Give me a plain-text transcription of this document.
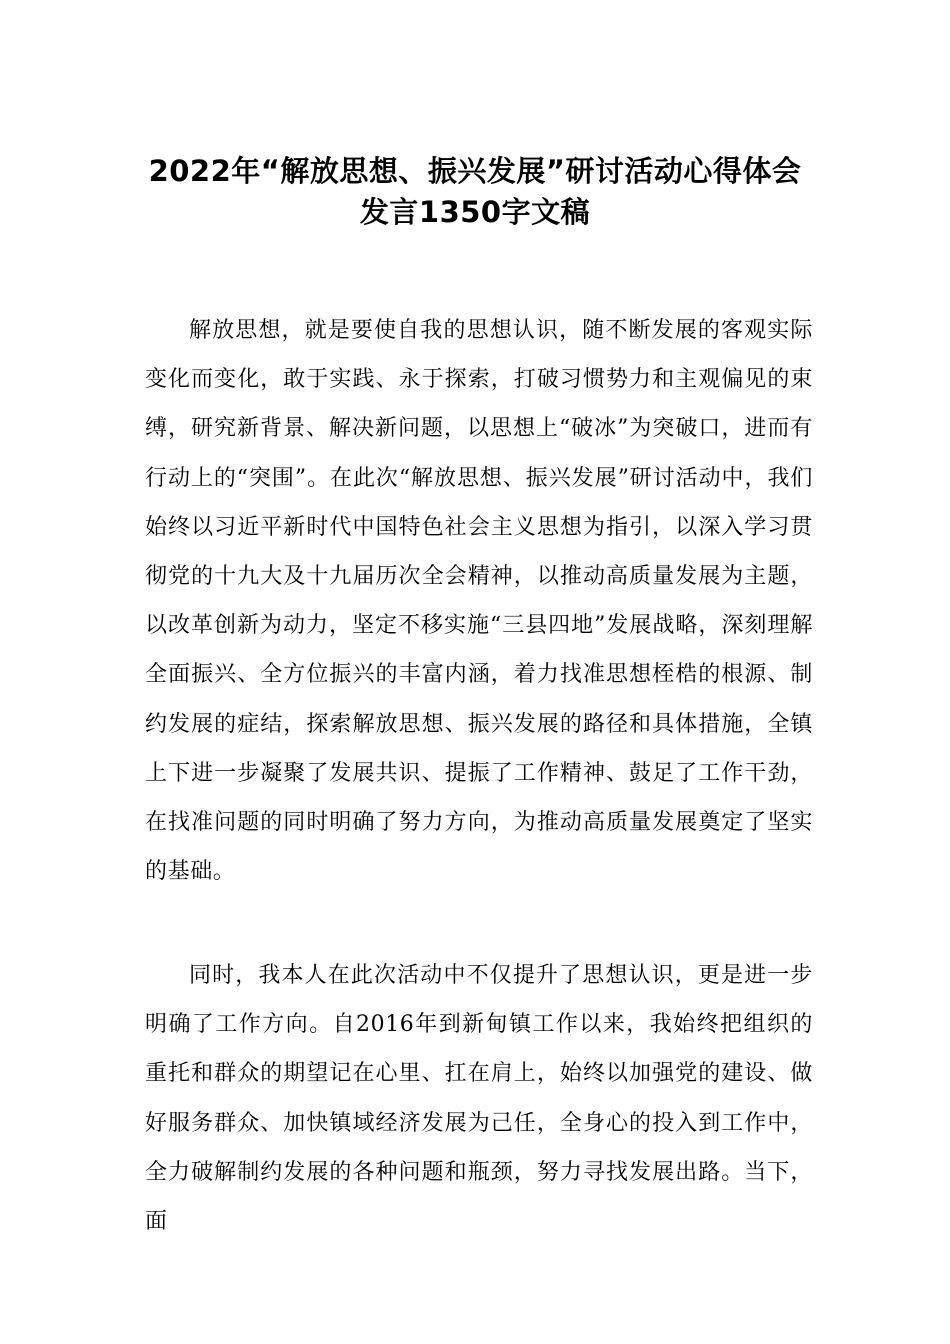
2022年“解放思想、振兴发展”研讨活动心得体会
发言1350字文稿

解放思想，就是要使自我的思想认识，随不断发展的客观实际变化而变化，敢于实践、永于探索，打破习惯势力和主观偏见的束缚，研究新背景、解决新问题，以思想上“破冰”为突破口，进而有行动上的“突围”。在此次“解放思想、振兴发展”研讨活动中，我们始终以习近平新时代中国特色社会主义思想为指引，以深入学习贯彻党的十九大及十九届历次全会精神，以推动高质量发展为主题，以改革创新为动力，坚定不移实施“三县四地”发展战略，深刻理解全面振兴、全方位振兴的丰富内涵，着力找准思想桎梏的根源、制约发展的症结，探索解放思想、振兴发展的路径和具体措施，全镇上下进一步凝聚了发展共识、提振了工作精神、鼓足了工作干劲，在找准问题的同时明确了努力方向，为推动高质量发展奠定了坚实的基础。

同时，我本人在此次活动中不仅提升了思想认识，更是进一步明确了工作方向。自2016年到新甸镇工作以来，我始终把组织的重托和群众的期望记在心里、扛在肩上，始终以加强党的建设、做好服务群众、加快镇域经济发展为己任，全身心的投入到工作中，全力破解制约发展的各种问题和瓶颈，努力寻找发展出路。当下，面
